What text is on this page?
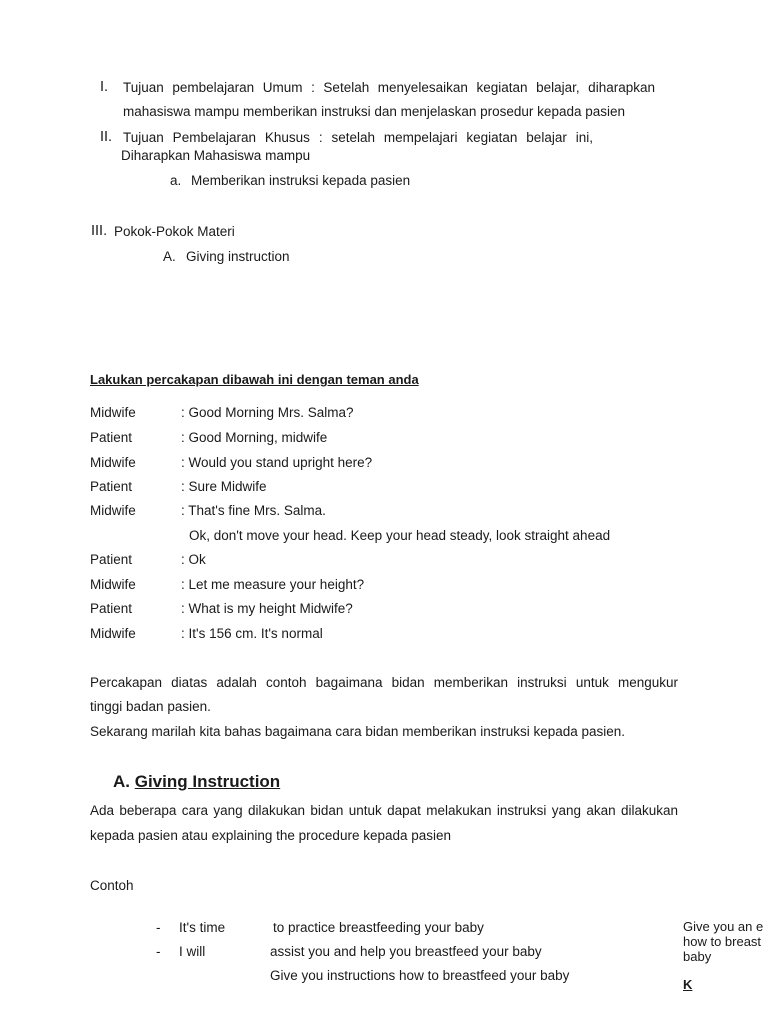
I. Tujuan pembelajaran Umum : Setelah menyelesaikan kegiatan belajar, diharapkan
mahasiswa mampu memberikan instruksi dan menjelaskan prosedur kepada pasien
II. Tujuan Pembelajaran Khusus : setelah mempelajari kegiatan belajar ini,
Diharapkan Mahasiswa mampu
a. Memberikan instruksi kepada pasien
III. Pokok-Pokok Materi
A. Giving instruction
Lakukan percakapan dibawah ini dengan teman anda
Midwife	: Good Morning Mrs. Salma?
Patient	: Good Morning, midwife
Midwife	: Would you stand upright here?
Patient	: Sure Midwife
Midwife	: That's fine Mrs. Salma.
Ok, don't move your head. Keep your head steady, look straight ahead
Patient	: Ok
Midwife	: Let me measure your height?
Patient	: What is my height Midwife?
Midwife	: It's 156 cm. It's normal
Percakapan diatas adalah contoh bagaimana bidan memberikan instruksi untuk mengukur
tinggi badan pasien.
Sekarang marilah kita bahas bagaimana cara bidan memberikan instruksi kepada pasien.
A. Giving Instruction
Ada beberapa cara yang dilakukan bidan untuk dapat melakukan instruksi yang akan dilakukan
kepada pasien atau explaining the procedure kepada pasien
Contoh
- It's time	to practice breastfeeding your baby
- I will	assist you and help you breastfeed your baby
Give you instructions how to breastfeed your baby
Give you an e
how to breast
baby
K
